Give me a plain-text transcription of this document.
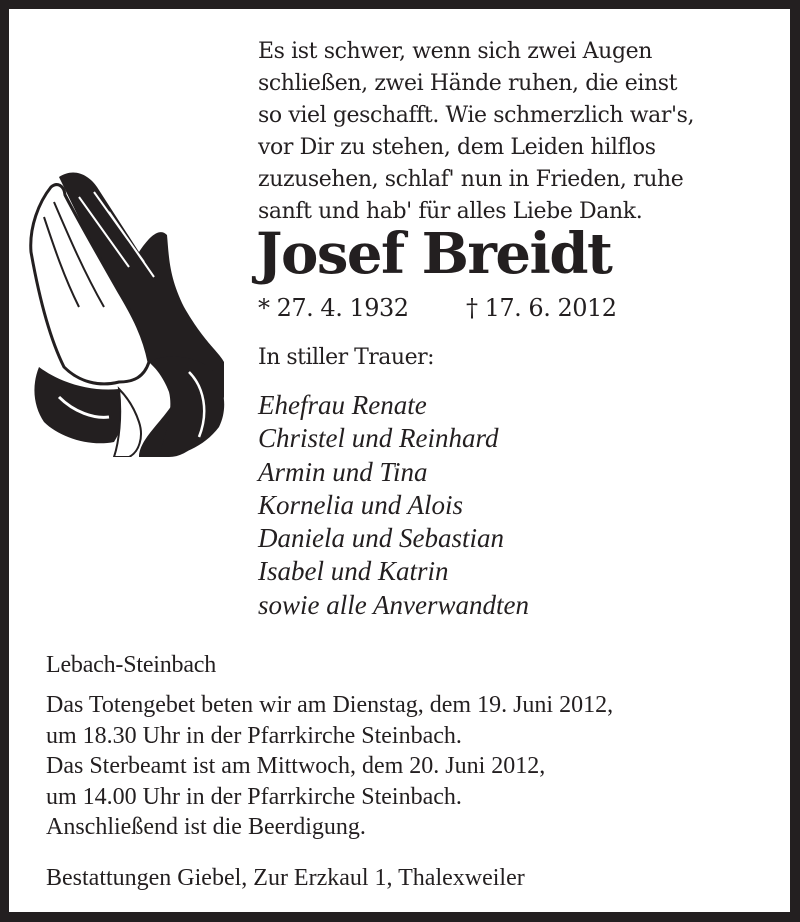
Es ist schwer, wenn sich zwei Augen
schließen, zwei Hände ruhen, die einst
so viel geschafft. Wie schmerzlich war's,
vor Dir zu stehen, dem Leiden hilflos
zuzusehen, schlaf' nun in Frieden, ruhe
sanft und hab' für alles Liebe Dank.
Josef Breidt
* 27. 4. 1932 † 17. 6. 2012
In stiller Trauer:
Ehefrau Renate
Christel und Reinhard
Armin und Tina
Kornelia und Alois
Daniela und Sebastian
Isabel und Katrin
sowie alle Anverwandten
Lebach-Steinbach
Das Totengebet beten wir am Dienstag, dem 19. Juni 2012,
um 18.30 Uhr in der Pfarrkirche Steinbach.
Das Sterbeamt ist am Mittwoch, dem 20. Juni 2012,
um 14.00 Uhr in der Pfarrkirche Steinbach.
Anschließend ist die Beerdigung.
Bestattungen Giebel, Zur Erzkaul 1, Thalexweiler
